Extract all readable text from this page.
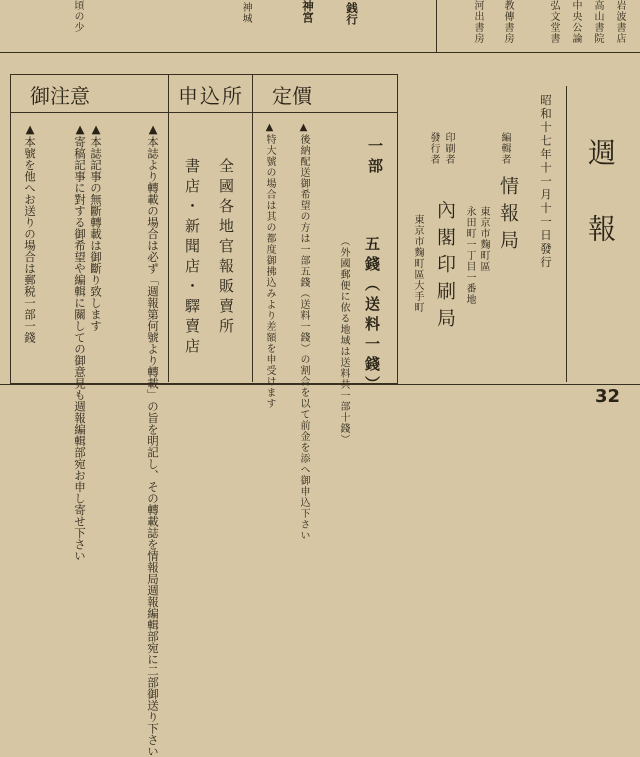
頃の少	神城	神宮	銭行	岩波書店
高山書院
中央公論
弘文堂書
教傳書房
河出書房
御注意
▲本誌より轉載の場合は必ず「週報第何號より轉載」の旨を明記し、その轉載誌を情報局週報編輯部宛に二部御送り下さい
▲本誌記事の無斷轉載は御斷り致します
▲寄稿記事に對する御希望や編輯に關しての御意見も週報編輯部宛お申し寄せ下さい
▲本號を他へお送りの場合は郵税一部一錢
申込所
全國各地官報販賣所
書店・新聞店・驛賣店
定價
一部
五錢（送料一錢）
（外國郵便に依る地域は送料共一部十錢）
▲後納配送御希望の方は一部五錢（送料一錢）の割合を以て前金を添へ御申込下さい
▲特大號の場合は其の都度御拂込みより差額を申受けます	昭和十七年十一月十一日發行
編輯者
情報局
東京市麴町區
印刷者 發行者
內閣印刷局 永田町一丁目一番地
東京市麴町區大手町	週報
32
